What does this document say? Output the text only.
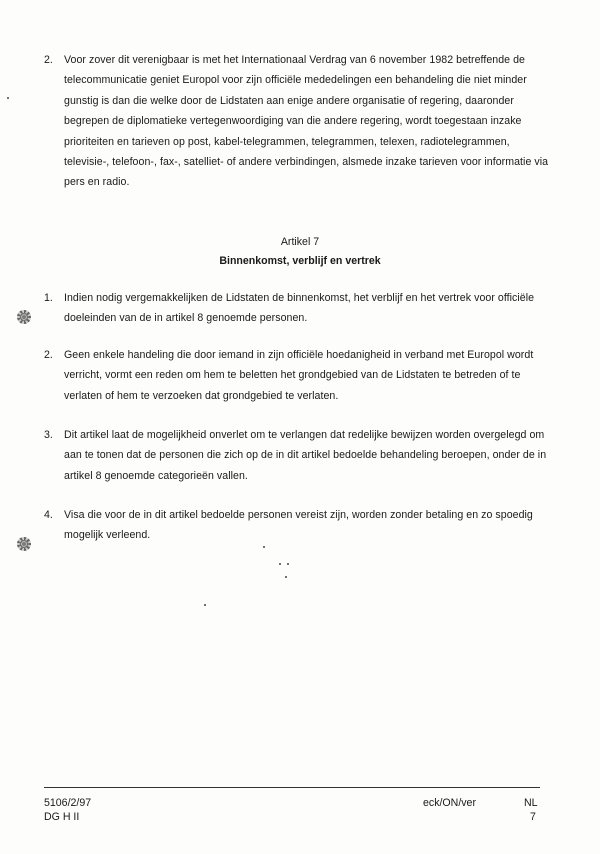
2. Voor zover dit verenigbaar is met het Internationaal Verdrag van 6 november 1982 betreffende de telecommunicatie geniet Europol voor zijn officiële mededelingen een behandeling die niet minder gunstig is dan die welke door de Lidstaten aan enige andere organisatie of regering, daaronder begrepen de diplomatieke vertegenwoordiging van die andere regering, wordt toegestaan inzake prioriteiten en tarieven op post, kabel-telegrammen, telegrammen, telexen, radiotelegrammen, televisie-, telefoon-, fax-, satelliet- of andere verbindingen, alsmede inzake tarieven voor informatie via pers en radio.
Artikel 7
Binnenkomst, verblijf en vertrek
1. Indien nodig vergemakkelijken de Lidstaten de binnenkomst, het verblijf en het vertrek voor officiële doeleinden van de in artikel 8 genoemde personen.
2. Geen enkele handeling die door iemand in zijn officiële hoedanigheid in verband met Europol wordt verricht, vormt een reden om hem te beletten het grondgebied van de Lidstaten te betreden of te verlaten of hem te verzoeken dat grondgebied te verlaten.
3. Dit artikel laat de mogelijkheid onverlet om te verlangen dat redelijke bewijzen worden overgelegd om aan te tonen dat de personen die zich op de in dit artikel bedoelde behandeling beroepen, onder de in artikel 8 genoemde categorieën vallen.
4. Visa die voor de in dit artikel bedoelde personen vereist zijn, worden zonder betaling en zo spoedig mogelijk verleend.
5106/2/97
DG H II
eck/ON/ver	NL
7
